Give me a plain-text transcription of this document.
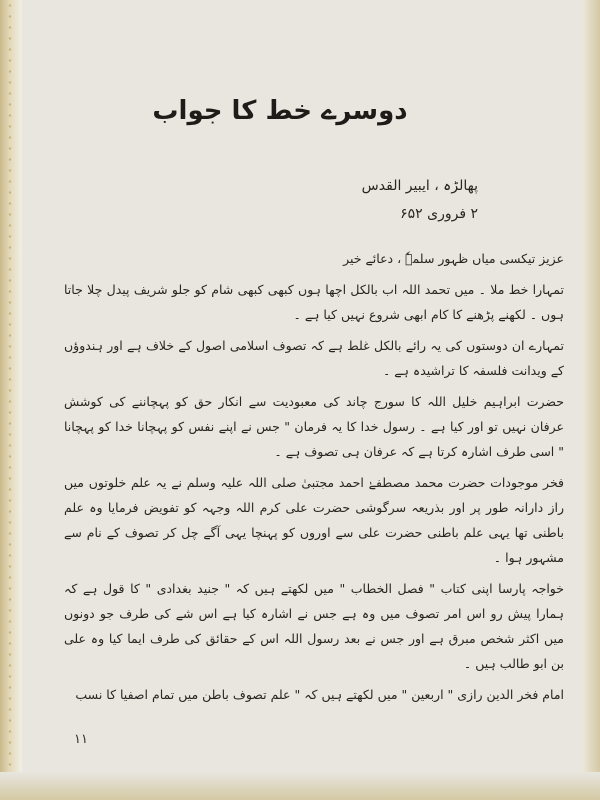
دوسرے خط کا جواب
پھالڑہ ، ایبیر القدس
۲ فروری ۶۵۲

عزیز تیکسی میاں ظہور سلمہٗ ، دعائے خیر

تمہارا خط ملا ۔ میں تحمد اللہ اب بالکل اچھا ہوں کبھی کبھی شام کو جلو شریف پیدل چلا جاتا ہوں ۔ لکھنے پڑھنے کا کام ابھی شروع نہیں کیا ہے ۔

تمہارے ان دوستوں کی یہ رائے بالکل غلط ہے کہ تصوف اسلامی اصول کے خلاف ہے اور ہندوؤں کے ویدانت فلسفہ کا تراشیدہ ہے ۔

حضرت ابراہیم خلیل اللہ کا سورج چاند کی معبودیت سے انکار حق کو پہچاننے کی کوشش عرفان نہیں تو اور کیا ہے ۔ رسول خدا کا یہ فرمان " جس نے اپنے نفس کو پہچانا خدا کو پہچانا " اسی طرف اشارہ کرتا ہے کہ عرفان ہی تصوف ہے ۔

فخر موجودات حضرت محمد مصطفےٰ احمد مجتبیٰ صلی اللہ علیہ وسلم نے یہ علم خلوتوں میں راز دارانہ طور پر اور بذریعہ سرگوشی حضرت علی کرم اللہ وجہہ کو تفویض فرمایا وہ علم باطنی تھا یہی علم باطنی حضرت علی سے اوروں کو پہنچا یہی آگے چل کر تصوف کے نام سے مشہور ہوا ۔

خواجہ پارسا اپنی کتاب " فصل الخطاب " میں لکھتے ہیں کہ " جنید بغدادی " کا قول ہے کہ ہمارا پیش رو اس امر تصوف میں وہ ہے جس نے اشارہ کیا ہے اس شے کی طرف جو دونوں میں اکثر شخص مبرق ہے اور جس نے بعد رسول اللہ اس کے حقائق کی طرف ایما کیا وہ علی بن ابو طالب ہیں ۔

امام فخر الدین رازی " اربعین " میں لکھتے ہیں کہ " علم تصوف باطن میں تمام اصفیا کا نسب

۱۱
